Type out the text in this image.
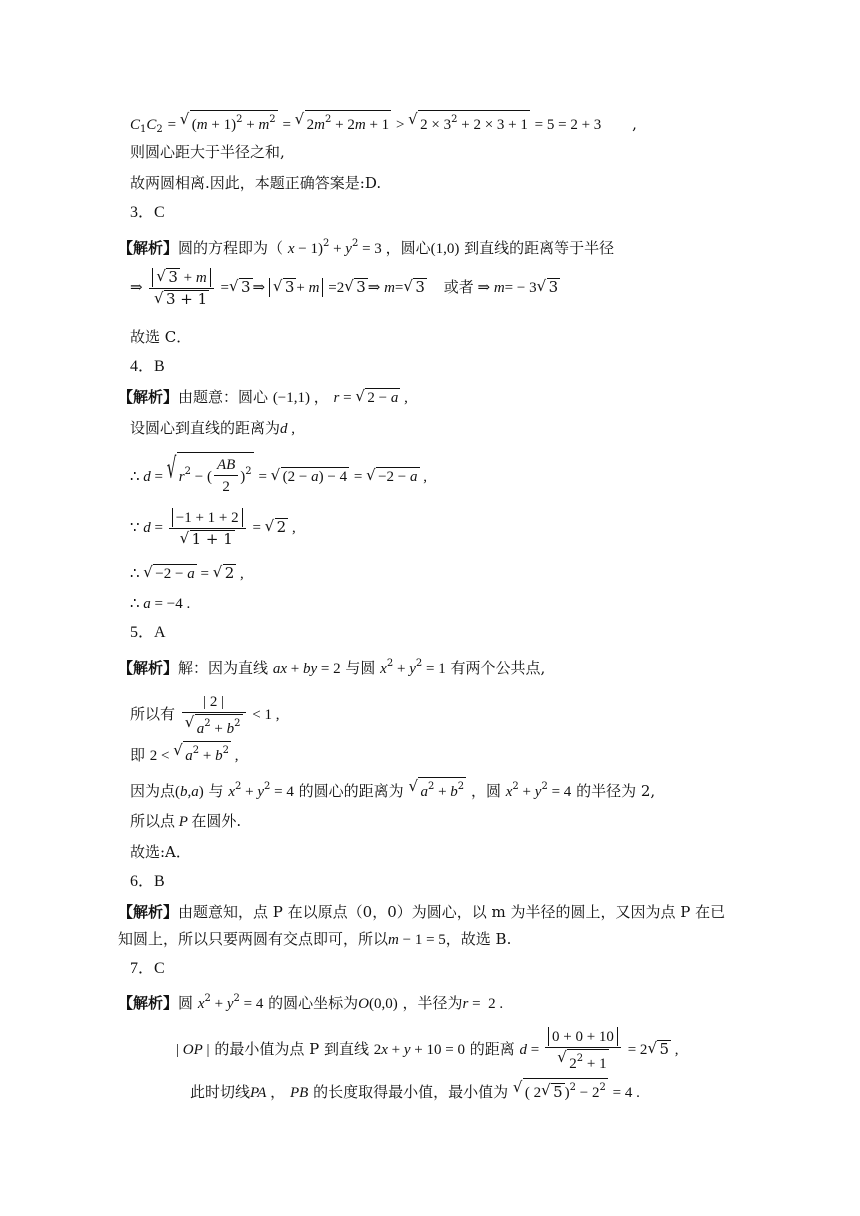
$C_1C_2$ = √ $(m + 1)^2 + m^2$ = √ $2m^2 + 2m + 1$ > √ $2 \times 3^2 + 2 \times 3 + 1 = 5 = 2 + 3$ ,
则圆心距大于半径之和,
故两圆相离.因此，本题正确答案是:D.
3．C
【解析】圆的方程即为（ $x - 1)^2 + y^2 = 3$ ，圆心(1,0) 到直线的距离等于半径
⇒
√ 3 + m
√ 3 + 1 =√ 3 ⇒ √ 3 + m =2√ 3 ⇒ m=√ 3 或者 ⇒ m= − 3√ 3
故选 C．
4．B
【解析】由题意：圆心 (−1,1) ， r = √ 2 − a ,
设圆心到直线的距离为d ,
∴ d = √ $r^2$ − ( $\frac{AB}{2} )^2$ = √ (2 − a) − 4 = √ −2 − a ,
∵ d = −1 + 1 + 2
√ 1 + 1 = √ 2 ,
∴ √ −2 − a = √ 2 ,
∴ a = −4 .
5．A
【解析】解：因为直线 ax + by = 2 与圆 $x^2 + y^2 = 1$ 有两个公共点,
所以有 | 2 |
√ $a^2 + b^2 < 1$ ,
即 2 < √ $a^2 + b^2$ ,
因为点(b,a) 与 $x^2 + y^2 = 4$ 的圆心的距离为 √ $a^2 + b^2$ ，圆 $x^2 + y^2 = 4$ 的半径为 2,
所以点 P 在圆外.
故选:A．
6．B
【解析】由题意知，点 P 在以原点（0，0）为圆心，以 m 为半径的圆上，又因为点 P 在已
知圆上，所以只要两圆有交点即可，所以m − 1 = 5，故选 B.
7．C
【解析】圆 $x^2 + y^2 = 4$ 的圆心坐标为O(0,0) ，半径为r =  2 .
| OP | 的最小值为点 P 到直线 2x + y + 10 = 0 的距离 d = 0 + 0 + 10
√ $2^2 + 1 = 2√$ 5 ,
此时切线PA ， PB 的长度取得最小值，最小值为 √ ( 2√ 5 )$^2 - 2^2 = 4$ .
